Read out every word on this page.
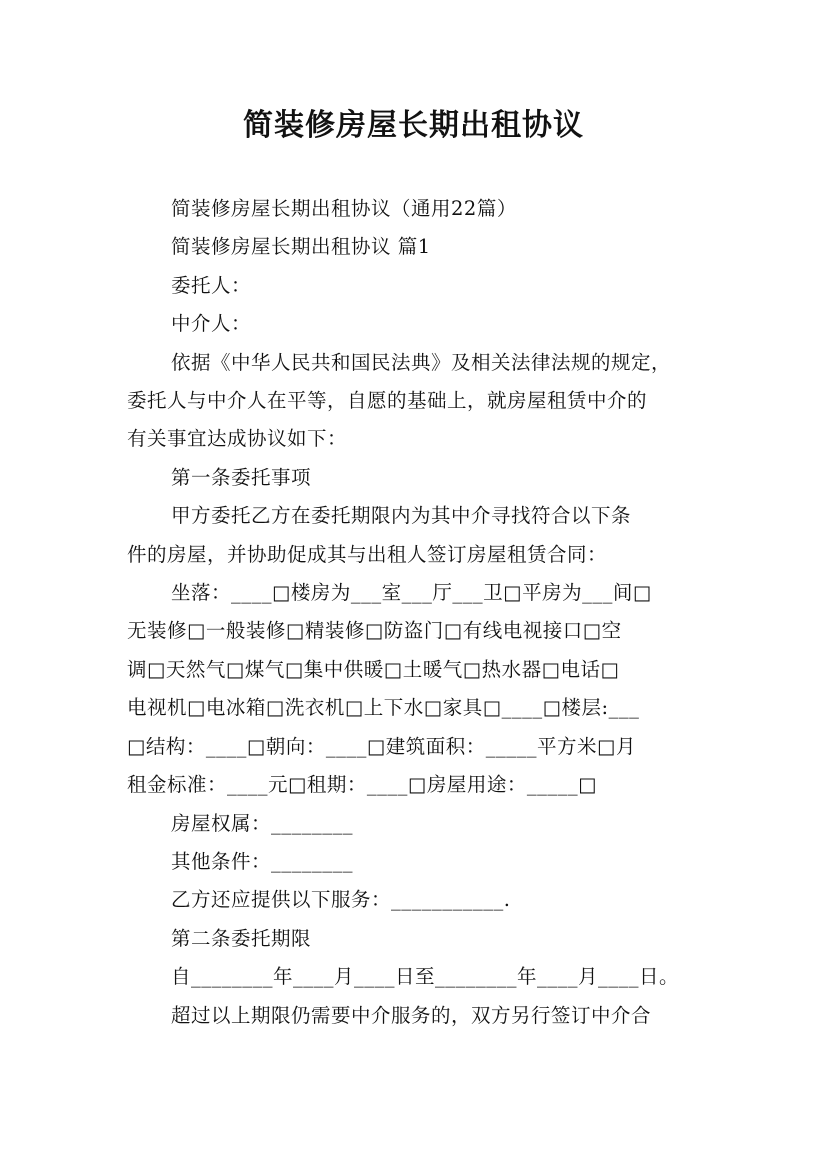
简装修房屋长期出租协议

简装修房屋长期出租协议（通用22篇）

简装修房屋长期出租协议 篇1

委托人：

中介人：

依据《中华人民共和国民法典》及相关法律法规的规定，

委托人与中介人在平等，自愿的基础上，就房屋租赁中介的

有关事宜达成协议如下：

第一条委托事项

甲方委托乙方在委托期限内为其中介寻找符合以下条

件的房屋，并协助促成其与出租人签订房屋租赁合同：

坐落：____□楼房为___室___厅___卫□平房为___间□

无装修□一般装修□精装修□防盗门□有线电视接口□空

调□天然气□煤气□集中供暖□土暖气□热水器□电话□

电视机□电冰箱□洗衣机□上下水□家具□____□楼层:___

□结构：____□朝向：____□建筑面积：_____平方米□月

租金标准：____元□租期：____□房屋用途：_____□

房屋权属：________

其他条件：________

乙方还应提供以下服务：___________.

第二条委托期限

自________年____月____日至________年____月____日。

超过以上期限仍需要中介服务的，双方另行签订中介合
